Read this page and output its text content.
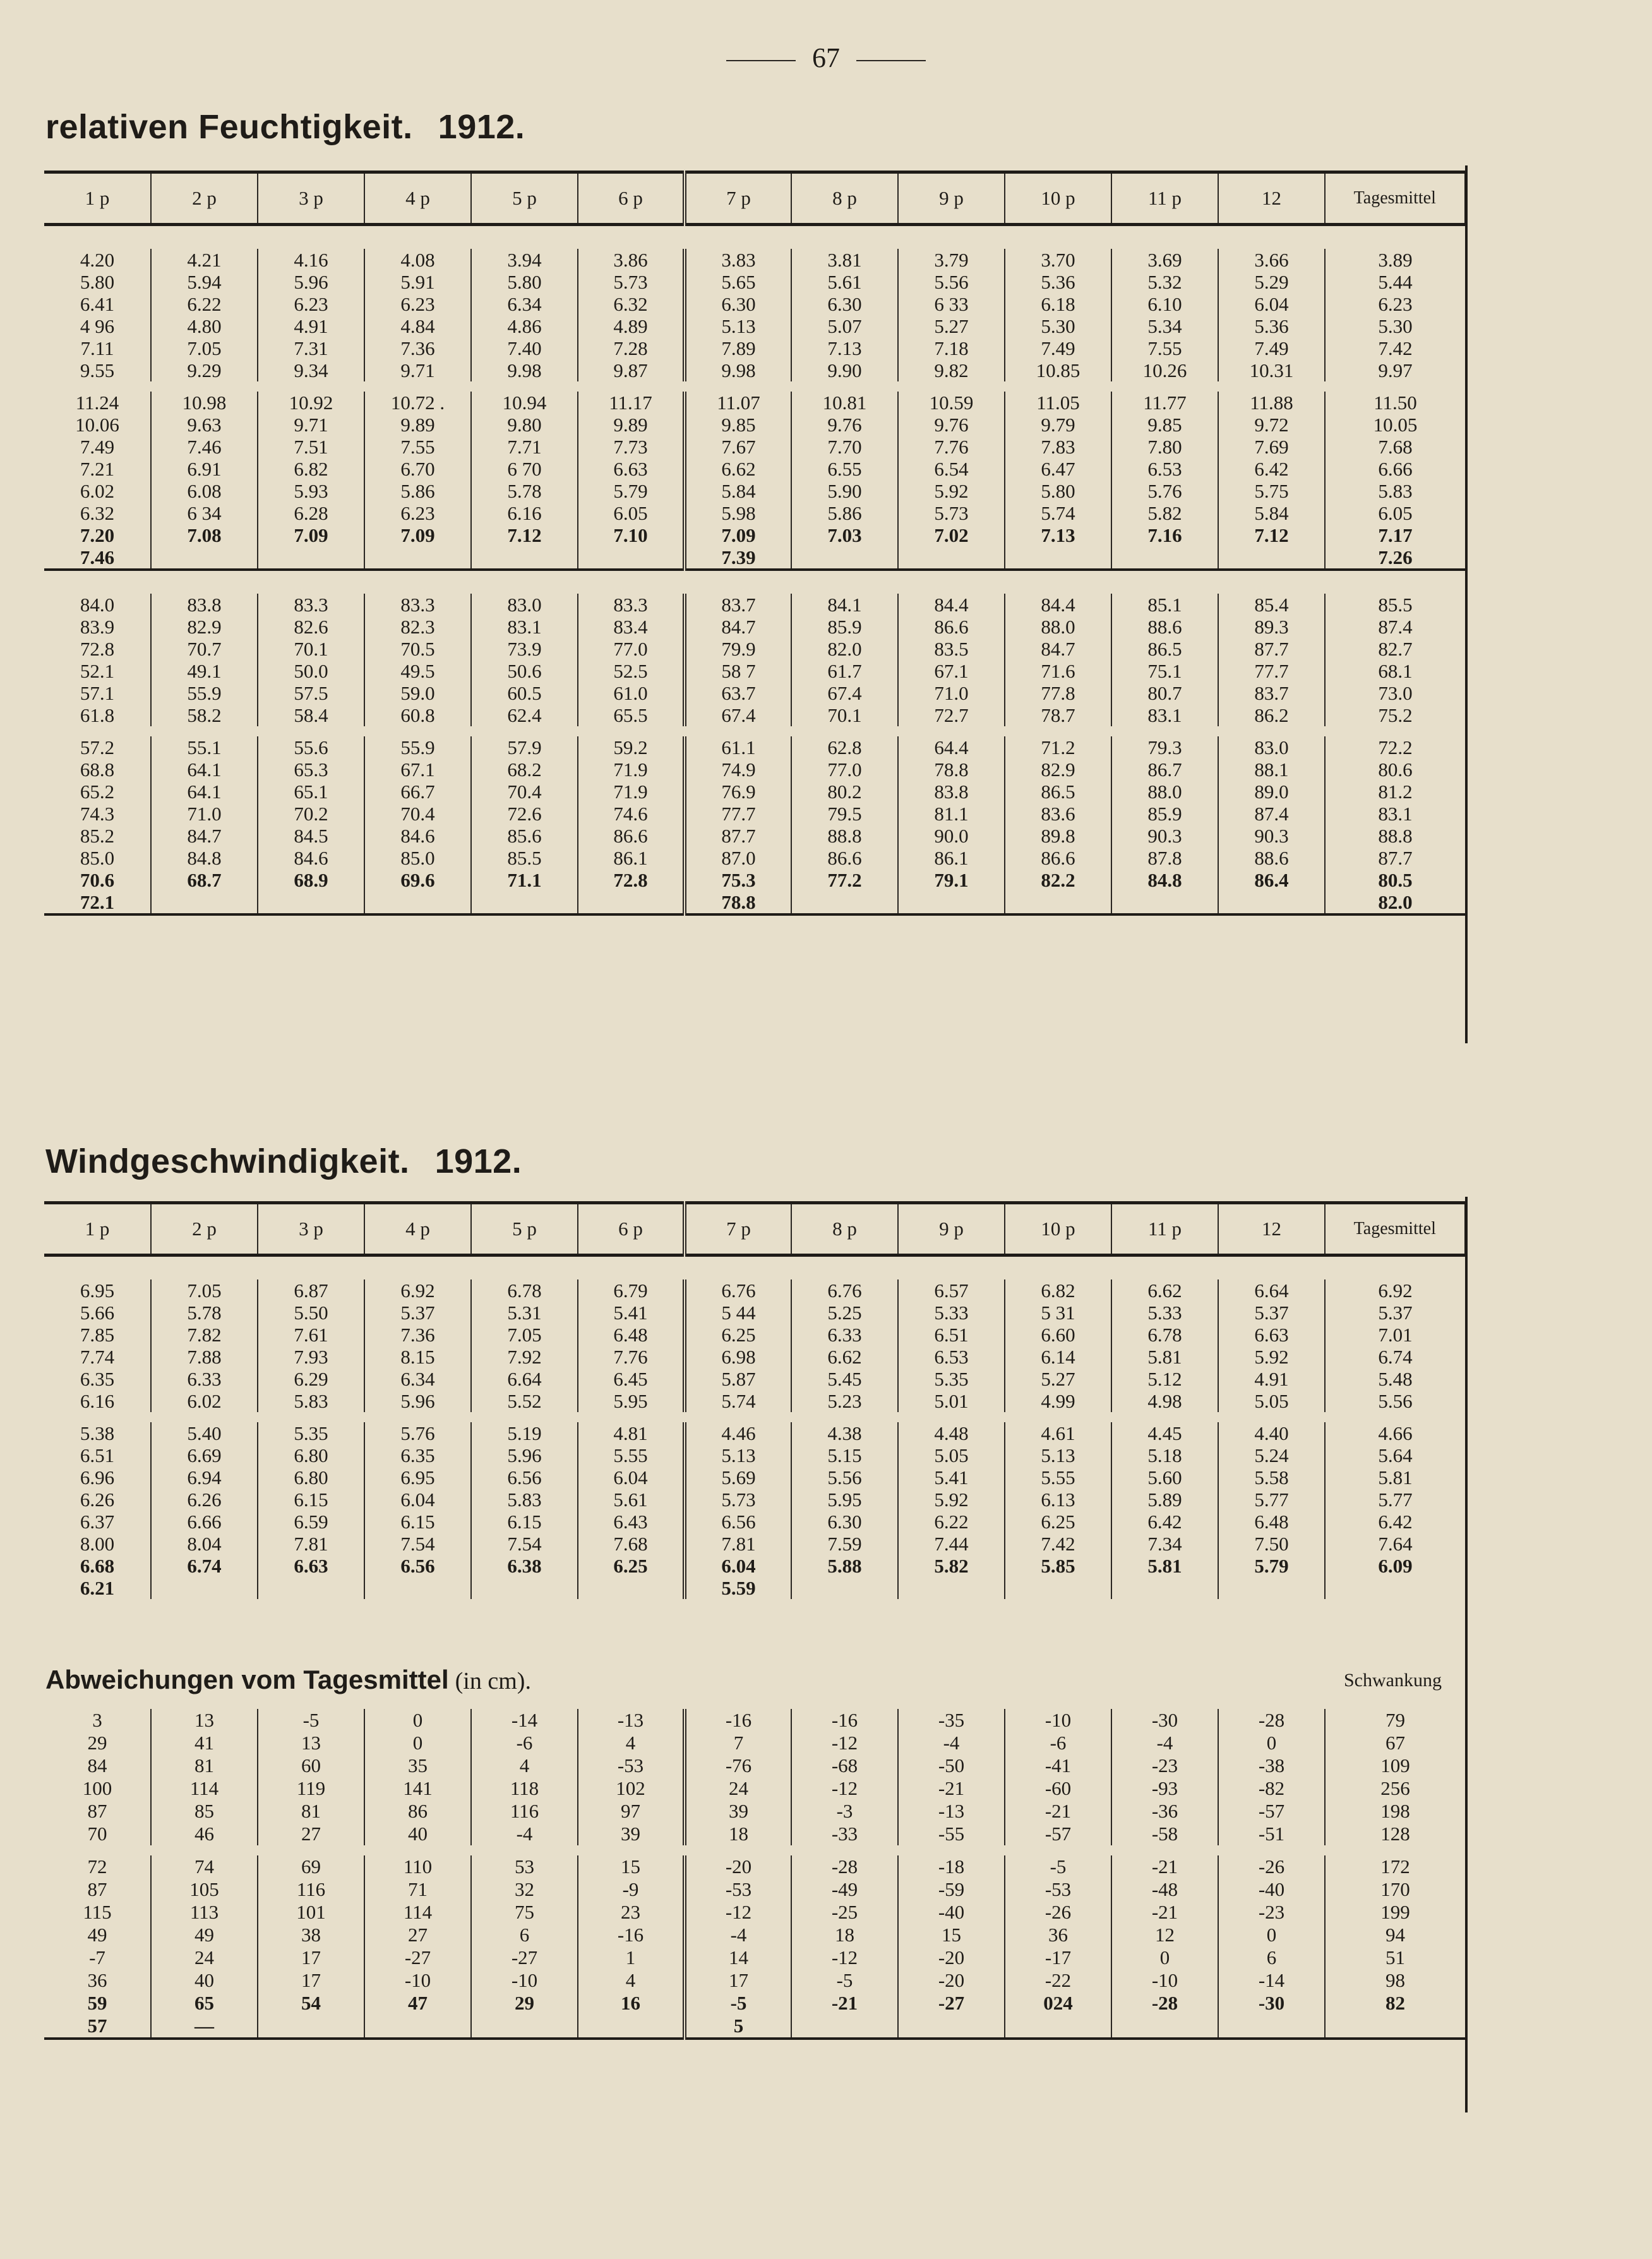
67
relativen Feuchtigkeit. 1912.
1 p	2 p	3 p	4 p	5 p	6 p	7 p	8 p	9 p	10 p	11 p	12	Tagesmittel

4.20	4.21	4.16	4.08	3.94	3.86	3.83	3.81	3.79	3.70	3.69	3.66	3.89
5.80	5.94	5.96	5.91	5.80	5.73	5.65	5.61	5.56	5.36	5.32	5.29	5.44
6.41	6.22	6.23	6.23	6.34	6.32	6.30	6.30	6 33	6.18	6.10	6.04	6.23
4 96	4.80	4.91	4.84	4.86	4.89	5.13	5.07	5.27	5.30	5.34	5.36	5.30
7.11	7.05	7.31	7.36	7.40	7.28	7.89	7.13	7.18	7.49	7.55	7.49	7.42
9.55	9.29	9.34	9.71	9.98	9.87	9.98	9.90	9.82	10.85	10.26	10.31	9.97

11.24	10.98	10.92	10.72 .	10.94	11.17	11.07	10.81	10.59	11.05	11.77	11.88	11.50
10.06	9.63	9.71	9.89	9.80	9.89	9.85	9.76	9.76	9.79	9.85	9.72	10.05
7.49	7.46	7.51	7.55	7.71	7.73	7.67	7.70	7.76	7.83	7.80	7.69	7.68
7.21	6.91	6.82	6.70	6 70	6.63	6.62	6.55	6.54	6.47	6.53	6.42	6.66
6.02	6.08	5.93	5.86	5.78	5.79	5.84	5.90	5.92	5.80	5.76	5.75	5.83
6.32	6 34	6.28	6.23	6.16	6.05	5.98	5.86	5.73	5.74	5.82	5.84	6.05
7.20	7.08	7.09	7.09	7.12	7.10	7.09	7.03	7.02	7.13	7.16	7.12	7.17
7.46						7.39						7.26

84.0	83.8	83.3	83.3	83.0	83.3	83.7	84.1	84.4	84.4	85.1	85.4	85.5
83.9	82.9	82.6	82.3	83.1	83.4	84.7	85.9	86.6	88.0	88.6	89.3	87.4
72.8	70.7	70.1	70.5	73.9	77.0	79.9	82.0	83.5	84.7	86.5	87.7	82.7
52.1	49.1	50.0	49.5	50.6	52.5	58 7	61.7	67.1	71.6	75.1	77.7	68.1
57.1	55.9	57.5	59.0	60.5	61.0	63.7	67.4	71.0	77.8	80.7	83.7	73.0
61.8	58.2	58.4	60.8	62.4	65.5	67.4	70.1	72.7	78.7	83.1	86.2	75.2

57.2	55.1	55.6	55.9	57.9	59.2	61.1	62.8	64.4	71.2	79.3	83.0	72.2
68.8	64.1	65.3	67.1	68.2	71.9	74.9	77.0	78.8	82.9	86.7	88.1	80.6
65.2	64.1	65.1	66.7	70.4	71.9	76.9	80.2	83.8	86.5	88.0	89.0	81.2
74.3	71.0	70.2	70.4	72.6	74.6	77.7	79.5	81.1	83.6	85.9	87.4	83.1
85.2	84.7	84.5	84.6	85.6	86.6	87.7	88.8	90.0	89.8	90.3	90.3	88.8
85.0	84.8	84.6	85.0	85.5	86.1	87.0	86.6	86.1	86.6	87.8	88.6	87.7
70.6	68.7	68.9	69.6	71.1	72.8	75.3	77.2	79.1	82.2	84.8	86.4	80.5
72.1						78.8						82.0
Windgeschwindigkeit. 1912.
1 p	2 p	3 p	4 p	5 p	6 p	7 p	8 p	9 p	10 p	11 p	12	Tagesmittel

6.95	7.05	6.87	6.92	6.78	6.79	6.76	6.76	6.57	6.82	6.62	6.64	6.92
5.66	5.78	5.50	5.37	5.31	5.41	5 44	5.25	5.33	5 31	5.33	5.37	5.37
7.85	7.82	7.61	7.36	7.05	6.48	6.25	6.33	6.51	6.60	6.78	6.63	7.01
7.74	7.88	7.93	8.15	7.92	7.76	6.98	6.62	6.53	6.14	5.81	5.92	6.74
6.35	6.33	6.29	6.34	6.64	6.45	5.87	5.45	5.35	5.27	5.12	4.91	5.48
6.16	6.02	5.83	5.96	5.52	5.95	5.74	5.23	5.01	4.99	4.98	5.05	5.56

5.38	5.40	5.35	5.76	5.19	4.81	4.46	4.38	4.48	4.61	4.45	4.40	4.66
6.51	6.69	6.80	6.35	5.96	5.55	5.13	5.15	5.05	5.13	5.18	5.24	5.64
6.96	6.94	6.80	6.95	6.56	6.04	5.69	5.56	5.41	5.55	5.60	5.58	5.81
6.26	6.26	6.15	6.04	5.83	5.61	5.73	5.95	5.92	6.13	5.89	5.77	5.77
6.37	6.66	6.59	6.15	6.15	6.43	6.56	6.30	6.22	6.25	6.42	6.48	6.42
8.00	8.04	7.81	7.54	7.54	7.68	7.81	7.59	7.44	7.42	7.34	7.50	7.64
6.68	6.74	6.63	6.56	6.38	6.25	6.04	5.88	5.82	5.85	5.81	5.79	6.09
6.21						5.59						
Abweichungen vom Tagesmittel (in cm).	Schwankung

3	13	-5	0	-14	-13	-16	-16	-35	-10	-30	-28	79
29	41	13	0	-6	4	7	-12	-4	-6	-4	0	67
84	81	60	35	4	-53	-76	-68	-50	-41	-23	-38	109
100	114	119	141	118	102	24	-12	-21	-60	-93	-82	256
87	85	81	86	116	97	39	-3	-13	-21	-36	-57	198
70	46	27	40	-4	39	18	-33	-55	-57	-58	-51	128

72	74	69	110	53	15	-20	-28	-18	-5	-21	-26	172
87	105	116	71	32	-9	-53	-49	-59	-53	-48	-40	170
115	113	101	114	75	23	-12	-25	-40	-26	-21	-23	199
49	49	38	27	6	-16	-4	18	15	36	12	0	94
-7	24	17	-27	-27	1	14	-12	-20	-17	0	6	51
36	40	17	-10	-10	4	17	-5	-20	-22	-10	-14	98
59	65	54	47	29	16	-5	-21	-27	024	-28	-30	82
57	—					5						
